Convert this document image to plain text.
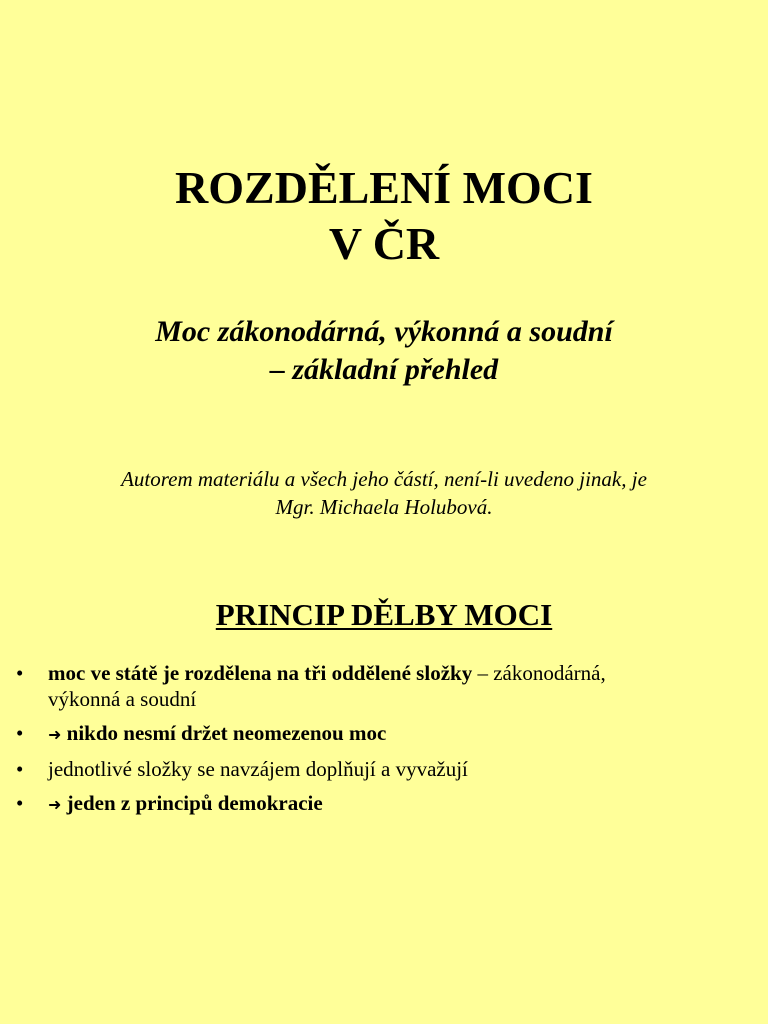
ROZDĚLENÍ MOCI
V ČR
Moc zákonodárná, výkonná a soudní
– základní přehled
Autorem materiálu a všech jeho částí, není-li uvedeno jinak, je
Mgr. Michaela Holubová.
PRINCIP DĚLBY MOCI
• moc ve státě je rozdělena na tři oddělené složky – zákonodárná,
výkonná a soudní
• ➜ nikdo nesmí držet neomezenou moc
• jednotlivé složky se navzájem doplňují a vyvažují
• ➜ jeden z principů demokracie
